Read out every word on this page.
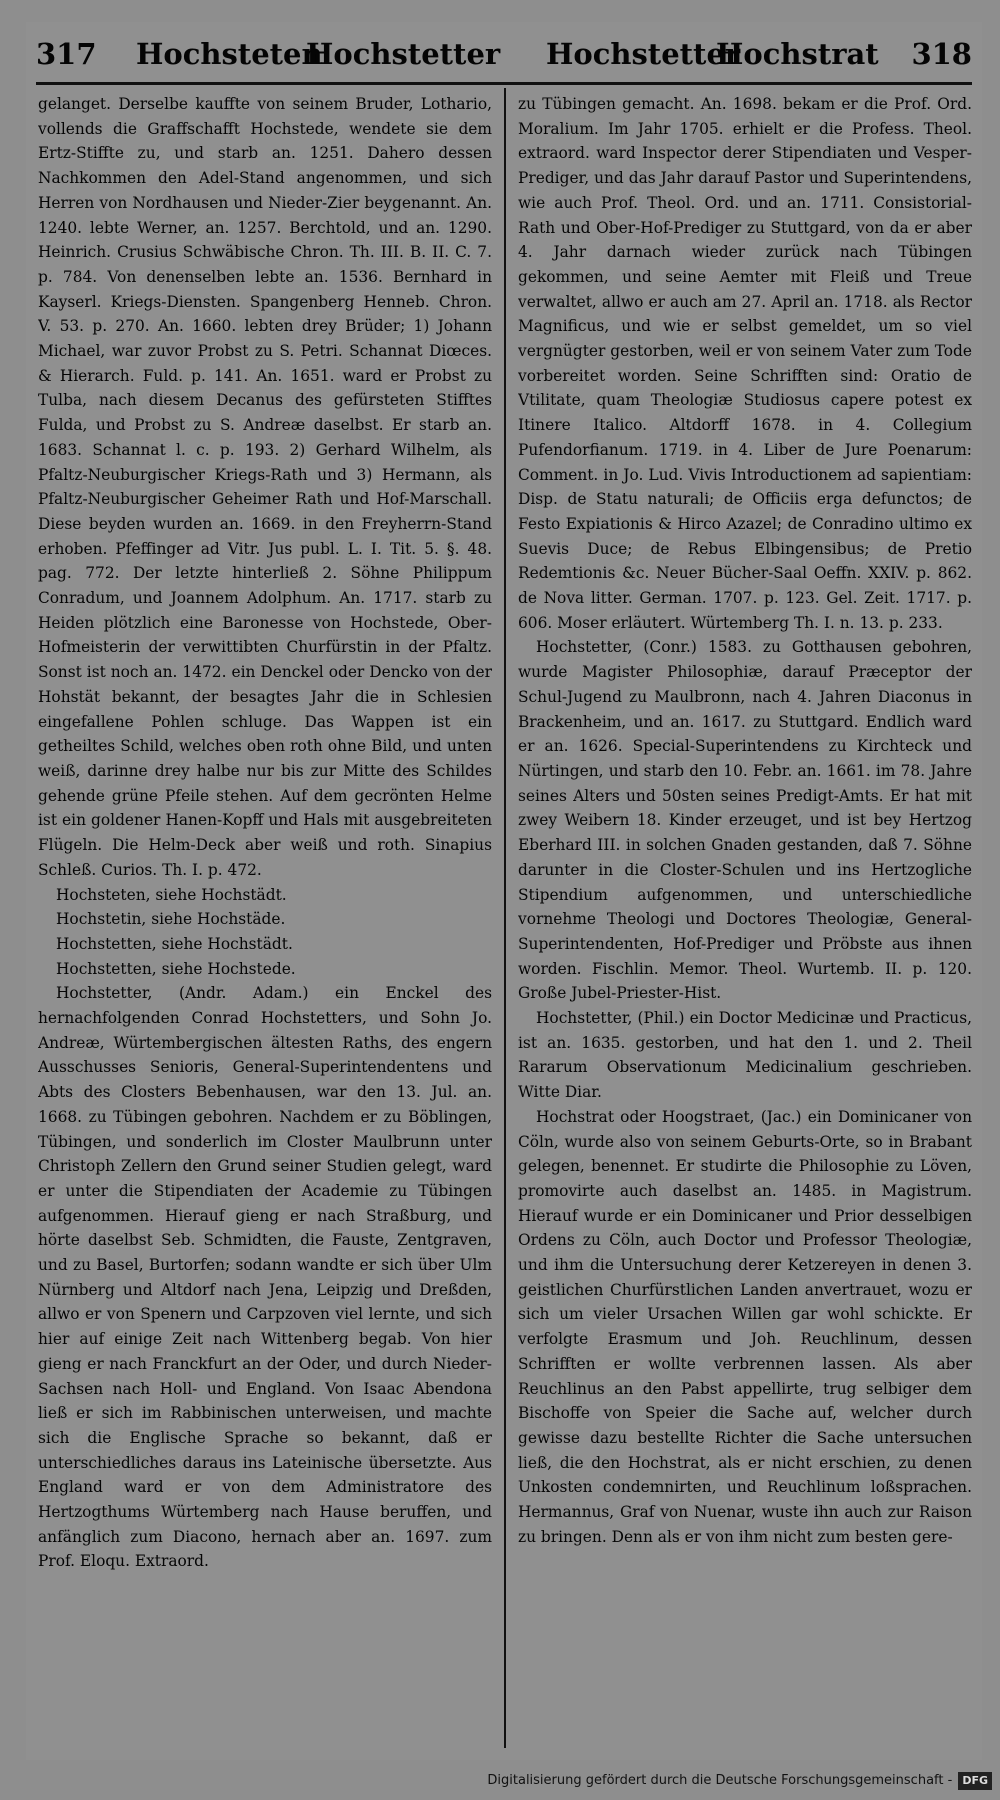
317 Hochsteten
Hochstetter Hochstetter
Hochstrat 318

gelanget. Derselbe kauffte von seinem Bruder, Lothario, vollends die Graffschafft Hochstede, wendete sie dem Ertz-Stiffte zu, und starb an. 1251. Dahero dessen Nachkommen den Adel-Stand angenommen, und sich Herren von Nordhausen und Nieder-Zier beygenannt. An. 1240. lebte Werner, an. 1257. Berchtold, und an. 1290. Heinrich. Crusius Schwäbische Chron. Th. III. B. II. C. 7. p. 784. Von denenselben lebte an. 1536. Bernhard in Kayserl. Kriegs-Diensten. Spangenberg Henneb. Chron. V. 53. p. 270. An. 1660. lebten drey Brüder; 1) Johann Michael, war zuvor Probst zu S. Petri. Schannat Diœces. & Hierarch. Fuld. p. 141. An. 1651. ward er Probst zu Tulba, nach diesem Decanus des gefürsteten Stifftes Fulda, und Probst zu S. Andreæ daselbst. Er starb an. 1683. Schannat l. c. p. 193. 2) Gerhard Wilhelm, als Pfaltz-Neuburgischer Kriegs-Rath und 3) Hermann, als Pfaltz-Neuburgischer Geheimer Rath und Hof-Marschall. Diese beyden wurden an. 1669. in den Freyherrn-Stand erhoben. Pfeffinger ad Vitr. Jus publ. L. I. Tit. 5. §. 48. pag. 772. Der letzte hinterließ 2. Söhne Philippum Conradum, und Joannem Adolphum. An. 1717. starb zu Heiden plötzlich eine Baronesse von Hochstede, Ober-Hofmeisterin der verwittibten Churfürstin in der Pfaltz. Sonst ist noch an. 1472. ein Denckel oder Dencko von der Hohstät bekannt, der besagtes Jahr die in Schlesien eingefallene Pohlen schluge. Das Wappen ist ein getheiltes Schild, welches oben roth ohne Bild, und unten weiß, darinne drey halbe nur bis zur Mitte des Schildes gehende grüne Pfeile stehen. Auf dem gecrönten Helme ist ein goldener Hanen-Kopff und Hals mit ausgebreiteten Flügeln. Die Helm-Deck aber weiß und roth. Sinapius Schleß. Curios. Th. I. p. 472.

Hochsteten, siehe Hochstädt.

Hochstetin, siehe Hochstäde.

Hochstetten, siehe Hochstädt.

Hochstetten, siehe Hochstede.

Hochstetter, (Andr. Adam.) ein Enckel des hernachfolgenden Conrad Hochstetters, und Sohn Jo. Andreæ, Würtembergischen ältesten Raths, des engern Ausschusses Senioris, General-Superintendentens und Abts des Closters Bebenhausen, war den 13. Jul. an. 1668. zu Tübingen gebohren. Nachdem er zu Böblingen, Tübingen, und sonderlich im Closter Maulbrunn unter Christoph Zellern den Grund seiner Studien gelegt, ward er unter die Stipendiaten der Academie zu Tübingen aufgenommen. Hierauf gieng er nach Straßburg, und hörte daselbst Seb. Schmidten, die Fauste, Zentgraven, und zu Basel, Burtorfen; sodann wandte er sich über Ulm Nürnberg und Altdorf nach Jena, Leipzig und Dreßden, allwo er von Spenern und Carpzoven viel lernte, und sich hier auf einige Zeit nach Wittenberg begab. Von hier gieng er nach Franckfurt an der Oder, und durch Nieder-Sachsen nach Holl- und England. Von Isaac Abendona ließ er sich im Rabbinischen unterweisen, und machte sich die Englische Sprache so bekannt, daß er unterschiedliches daraus ins Lateinische übersetzte. Aus England ward er von dem Administratore des Hertzogthums Würtemberg nach Hause beruffen, und anfänglich zum Diacono, hernach aber an. 1697. zum Prof. Eloqu. Extraord.

zu Tübingen gemacht. An. 1698. bekam er die Prof. Ord. Moralium. Im Jahr 1705. erhielt er die Profess. Theol. extraord. ward Inspector derer Stipendiaten und Vesper-Prediger, und das Jahr darauf Pastor und Superintendens, wie auch Prof. Theol. Ord. und an. 1711. Consistorial-Rath und Ober-Hof-Prediger zu Stuttgard, von da er aber 4. Jahr darnach wieder zurück nach Tübingen gekommen, und seine Aemter mit Fleiß und Treue verwaltet, allwo er auch am 27. April an. 1718. als Rector Magnificus, und wie er selbst gemeldet, um so viel vergnügter gestorben, weil er von seinem Vater zum Tode vorbereitet worden. Seine Schrifften sind: Oratio de Vtilitate, quam Theologiæ Studiosus capere potest ex Itinere Italico. Altdorff 1678. in 4. Collegium Pufendorfianum. 1719. in 4. Liber de Jure Poenarum: Comment. in Jo. Lud. Vivis Introductionem ad sapientiam: Disp. de Statu naturali; de Officiis erga defunctos; de Festo Expiationis & Hirco Azazel; de Conradino ultimo ex Suevis Duce; de Rebus Elbingensibus; de Pretio Redemtionis &c. Neuer Bücher-Saal Oeffn. XXIV. p. 862. de Nova litter. German. 1707. p. 123. Gel. Zeit. 1717. p. 606. Moser erläutert. Würtemberg Th. I. n. 13. p. 233.

Hochstetter, (Conr.) 1583. zu Gotthausen gebohren, wurde Magister Philosophiæ, darauf Præceptor der Schul-Jugend zu Maulbronn, nach 4. Jahren Diaconus in Brackenheim, und an. 1617. zu Stuttgard. Endlich ward er an. 1626. Special-Superintendens zu Kirchteck und Nürtingen, und starb den 10. Febr. an. 1661. im 78. Jahre seines Alters und 50sten seines Predigt-Amts. Er hat mit zwey Weibern 18. Kinder erzeuget, und ist bey Hertzog Eberhard III. in solchen Gnaden gestanden, daß 7. Söhne darunter in die Closter-Schulen und ins Hertzogliche Stipendium aufgenommen, und unterschiedliche vornehme Theologi und Doctores Theologiæ, General-Superintendenten, Hof-Prediger und Pröbste aus ihnen worden. Fischlin. Memor. Theol. Wurtemb. II. p. 120. Große Jubel-Priester-Hist.

Hochstetter, (Phil.) ein Doctor Medicinæ und Practicus, ist an. 1635. gestorben, und hat den 1. und 2. Theil Rararum Observationum Medicinalium geschrieben. Witte Diar.

Hochstrat oder Hoogstraet, (Jac.) ein Dominicaner von Cöln, wurde also von seinem Geburts-Orte, so in Brabant gelegen, benennet. Er studirte die Philosophie zu Löven, promovirte auch daselbst an. 1485. in Magistrum. Hierauf wurde er ein Dominicaner und Prior desselbigen Ordens zu Cöln, auch Doctor und Professor Theologiæ, und ihm die Untersuchung derer Ketzereyen in denen 3. geistlichen Churfürstlichen Landen anvertrauet, wozu er sich um vieler Ursachen Willen gar wohl schickte. Er verfolgte Erasmum und Joh. Reuchlinum, dessen Schrifften er wollte verbrennen lassen. Als aber Reuchlinus an den Pabst appellirte, trug selbiger dem Bischoffe von Speier die Sache auf, welcher durch gewisse dazu bestellte Richter die Sache untersuchen ließ, die den Hochstrat, als er nicht erschien, zu denen Unkosten condemnirten, und Reuchlinum loßsprachen. Hermannus, Graf von Nuenar, wuste ihn auch zur Raison zu bringen. Denn als er von ihm nicht zum besten gere-

Digitalisierung gefördert durch die Deutsche Forschungsgemeinschaft - DFG
